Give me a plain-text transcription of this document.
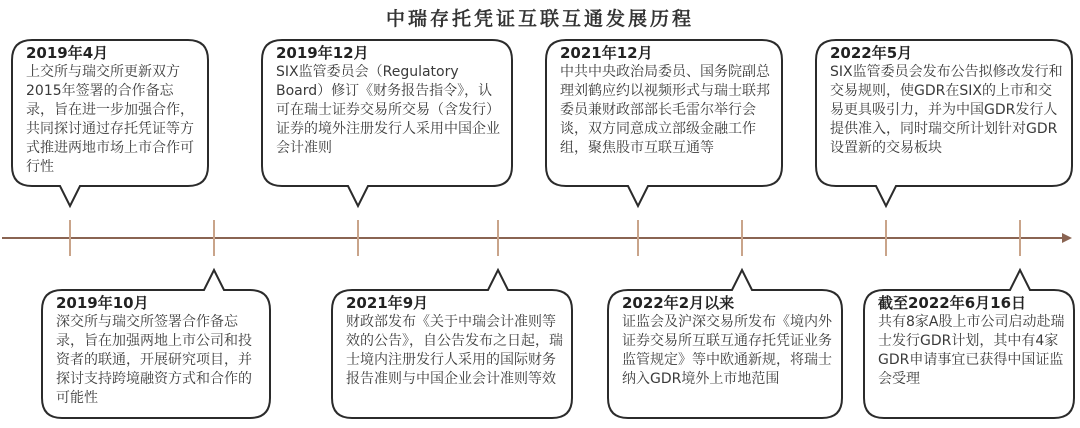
中瑞存托凭证互联互通发展历程
2019年4月
上交所与瑞交所更新双方2015年签署的合作备忘录，旨在进一步加强合作，共同探讨通过存托凭证等方式推进两地市场上市合作可行性
2019年10月
深交所与瑞交所签署合作备忘录，旨在加强两地上市公司和投资者的联通，开展研究项目，并探讨支持跨境融资方式和合作的可能性
2019年12月
SIX监管委员会（Regulatory Board）修订《财务报告指令》，认可在瑞士证券交易所交易（含发行）证券的境外注册发行人采用中国企业会计准则
2021年9月
财政部发布《关于中瑞会计准则等效的公告》，自公告发布之日起，瑞士境内注册发行人采用的国际财务报告准则与中国企业会计准则等效
2021年12月
中共中央政治局委员、国务院副总理刘鹤应约以视频形式与瑞士联邦委员兼财政部部长毛雷尔举行会谈，双方同意成立部级金融工作组，聚焦股市互联互通等
2022年2月以来
证监会及沪深交易所发布《境内外证券交易所互联互通存托凭证业务监管规定》等中欧通新规，将瑞士纳入GDR境外上市地范围
2022年5月
SIX监管委员会发布公告拟修改发行和交易规则，使GDR在SIX的上市和交易更具吸引力，并为中国GDR发行人提供准入，同时瑞交所计划针对GDR设置新的交易板块
截至2022年6月16日
共有8家A股上市公司启动赴瑞士发行GDR计划，其中有4家GDR申请事宜已获得中国证监会受理
